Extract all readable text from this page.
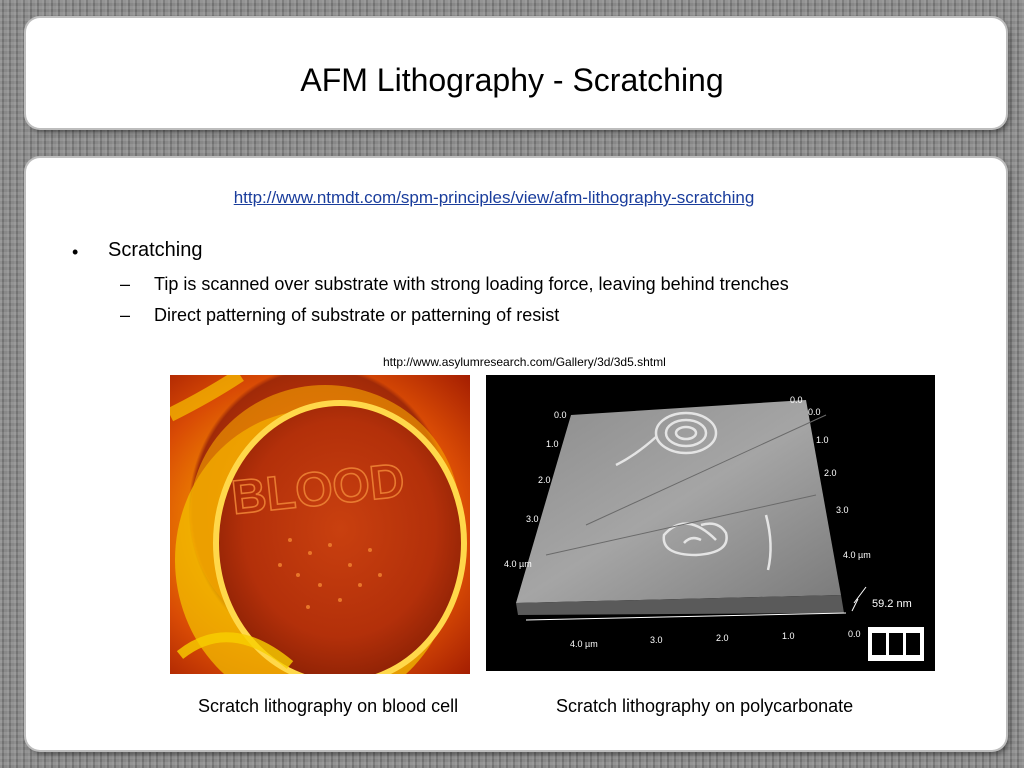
AFM Lithography - Scratching
http://www.ntmdt.com/spm-principles/view/afm-lithography-scratching
• Scratching
– Tip is scanned over substrate with strong loading force, leaving behind trenches
– Direct patterning of substrate or patterning of resist
http://www.asylumresearch.com/Gallery/3d/3d5.shtml
BLOOD
0.0
1.0
2.0
3.0
4.0 µm
0.0
0.0
1.0
2.0
3.0
4.0 µm
4.0 µm	3.0	2.0	1.0	0.0
59.2 nm
Scratch lithography on blood cell	Scratch lithography on polycarbonate
